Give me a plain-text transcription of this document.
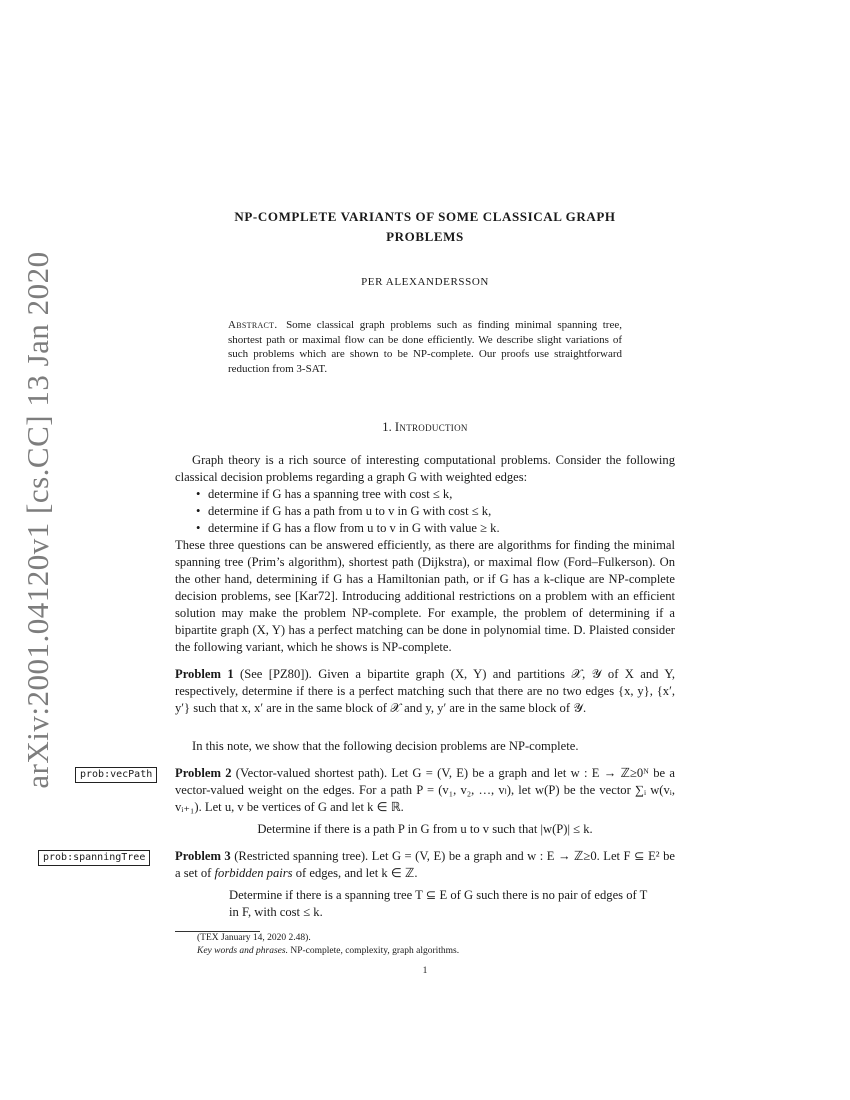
arXiv:2001.04120v1 [cs.CC] 13 Jan 2020
NP-COMPLETE VARIANTS OF SOME CLASSICAL GRAPH
PROBLEMS
PER ALEXANDERSSON
Abstract. Some classical graph problems such as finding minimal spanning tree, shortest path or maximal flow can be done efficiently. We describe slight variations of such problems which are shown to be NP-complete. Our proofs use straightforward reduction from 3-SAT.
1. Introduction

Graph theory is a rich source of interesting computational problems. Consider the following classical decision problems regarding a graph G with weighted edges:

• determine if G has a spanning tree with cost ≤ k,
• determine if G has a path from u to v in G with cost ≤ k,
• determine if G has a flow from u to v in G with value ≥ k.

These three questions can be answered efficiently, as there are algorithms for finding the minimal spanning tree (Prim’s algorithm), shortest path (Dijkstra), or maximal flow (Ford–Fulkerson). On the other hand, determining if G has a Hamiltonian path, or if G has a k-clique are NP-complete decision problems, see [Kar72]. Introducing additional restrictions on a problem with an efficient solution may make the problem NP-complete. For example, the problem of determining if a bipartite graph (X, Y) has a perfect matching can be done in polynomial time. D. Plaisted consider the following variant, which he shows is NP-complete.

Problem 1 (See [PZ80]). Given a bipartite graph (X, Y) and partitions 𝒳, 𝒴 of X and Y, respectively, determine if there is a perfect matching such that there are no two edges {x, y}, {x′, y′} such that x, x′ are in the same block of 𝒳 and y, y′ are in the same block of 𝒴.

In this note, we show that the following decision problems are NP-complete.

prob:vecPath	Problem 2 (Vector-valued shortest path). Let G = (V, E) be a graph and let w : E → ℤ≥0ᴺ be a vector-valued weight on the edges. For a path P = (v₁, v₂, …, vₗ), let w(P) be the vector ∑ᵢ w(vᵢ, vᵢ₊₁). Let u, v be vertices of G and let k ∈ ℝ.

Determine if there is a path P in G from u to v such that |w(P)| ≤ k.
prob:spanningTree	Problem 3 (Restricted spanning tree). Let G = (V, E) be a graph and w : E → ℤ≥0. Let F ⊆ E² be a set of forbidden pairs of edges, and let k ∈ ℤ.

Determine if there is a spanning tree T ⊆ E of G such there is no pair of edges of T in F, with cost ≤ k.
(TEX January 14, 2020 2.48).
Key words and phrases. NP-complete, complexity, graph algorithms.
1
